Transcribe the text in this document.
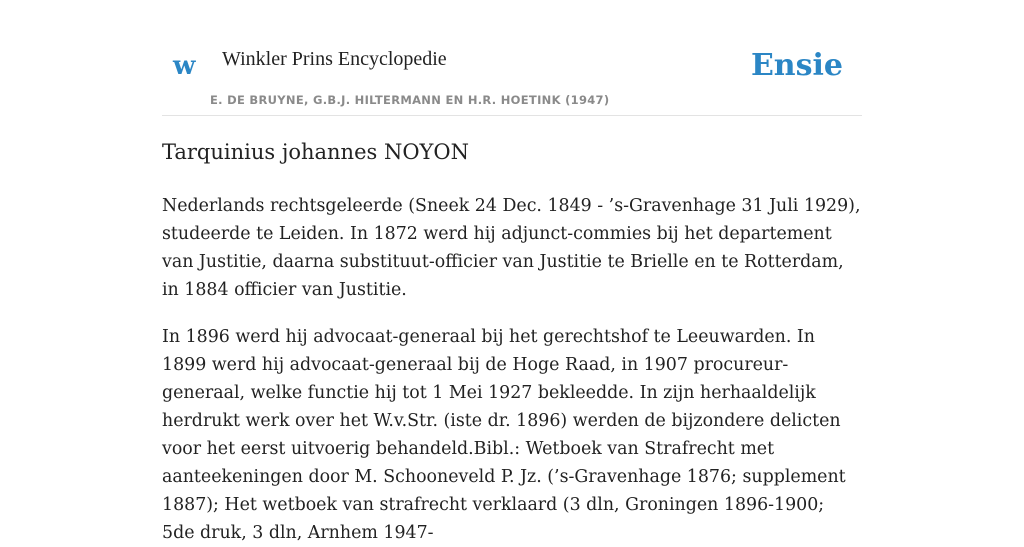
w Winkler Prins Encyclopedie
E. DE BRUYNE, G.B.J. HILTERMANN EN H.R. HOETINK (1947)
Ensie
Tarquinius johannes NOYON

Nederlands rechtsgeleerde (Sneek 24 Dec. 1849 - ’s-Gravenhage 31 Juli 1929), studeerde te Leiden. In 1872 werd hij adjunct-commies bij het departement van Justitie, daarna substituut-officier van Justitie te Brielle en te Rotterdam, in 1884 officier van Justitie.

In 1896 werd hij advocaat-generaal bij het gerechtshof te Leeuwarden. In 1899 werd hij advocaat-generaal bij de Hoge Raad, in 1907 procureur-generaal, welke functie hij tot 1 Mei 1927 bekleedde. In zijn herhaaldelijk herdrukt werk over het W.v.Str. (iste dr. 1896) werden de bijzondere delicten voor het eerst uitvoerig behandeld.Bibl.: Wetboek van Strafrecht met aanteekeningen door M. Schooneveld P. Jz. (’s-Gravenhage 1876; supplement 1887); Het wetboek van strafrecht verklaard (3 dln, Groningen 1896-1900; 5de druk, 3 dln, Arnhem 1947-
